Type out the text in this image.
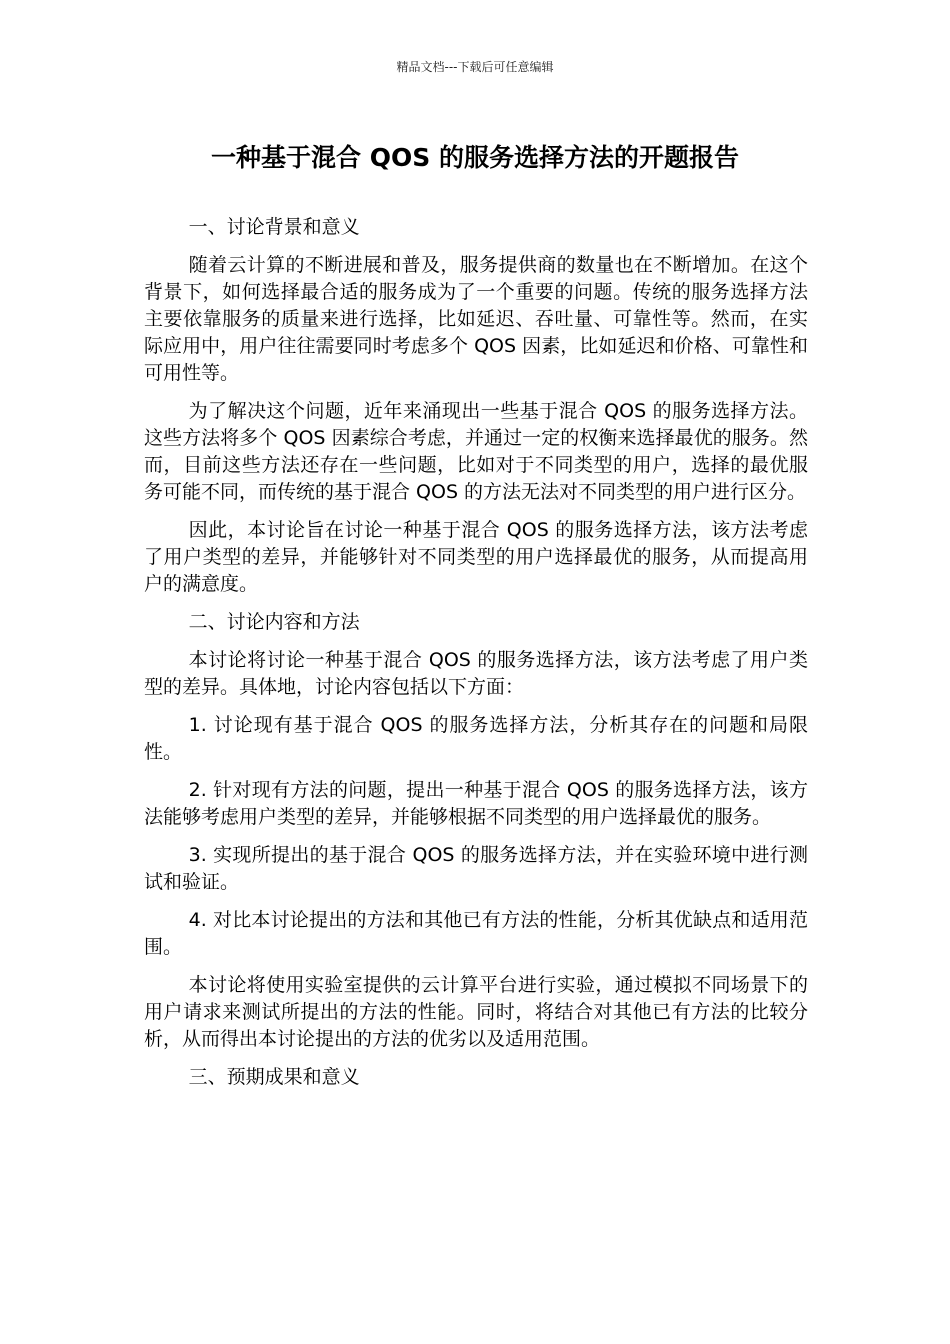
精品文档---下载后可任意编辑
一种基于混合 QOS 的服务选择方法的开题报告

一、讨论背景和意义

随着云计算的不断进展和普及，服务提供商的数量也在不断增加。在这个背景下，如何选择最合适的服务成为了一个重要的问题。传统的服务选择方法主要依靠服务的质量来进行选择，比如延迟、吞吐量、可靠性等。然而，在实际应用中，用户往往需要同时考虑多个 QOS 因素，比如延迟和价格、可靠性和可用性等。

为了解决这个问题，近年来涌现出一些基于混合 QOS 的服务选择方法。这些方法将多个 QOS 因素综合考虑，并通过一定的权衡来选择最优的服务。然而，目前这些方法还存在一些问题，比如对于不同类型的用户，选择的最优服务可能不同，而传统的基于混合 QOS 的方法无法对不同类型的用户进行区分。

因此，本讨论旨在讨论一种基于混合 QOS 的服务选择方法，该方法考虑了用户类型的差异，并能够针对不同类型的用户选择最优的服务，从而提高用户的满意度。

二、讨论内容和方法

本讨论将讨论一种基于混合 QOS 的服务选择方法，该方法考虑了用户类型的差异。具体地，讨论内容包括以下方面：

1. 讨论现有基于混合 QOS 的服务选择方法，分析其存在的问题和局限性。

2. 针对现有方法的问题，提出一种基于混合 QOS 的服务选择方法，该方法能够考虑用户类型的差异，并能够根据不同类型的用户选择最优的服务。

3. 实现所提出的基于混合 QOS 的服务选择方法，并在实验环境中进行测试和验证。

4. 对比本讨论提出的方法和其他已有方法的性能，分析其优缺点和适用范围。

本讨论将使用实验室提供的云计算平台进行实验，通过模拟不同场景下的用户请求来测试所提出的方法的性能。同时，将结合对其他已有方法的比较分析，从而得出本讨论提出的方法的优劣以及适用范围。

三、预期成果和意义
